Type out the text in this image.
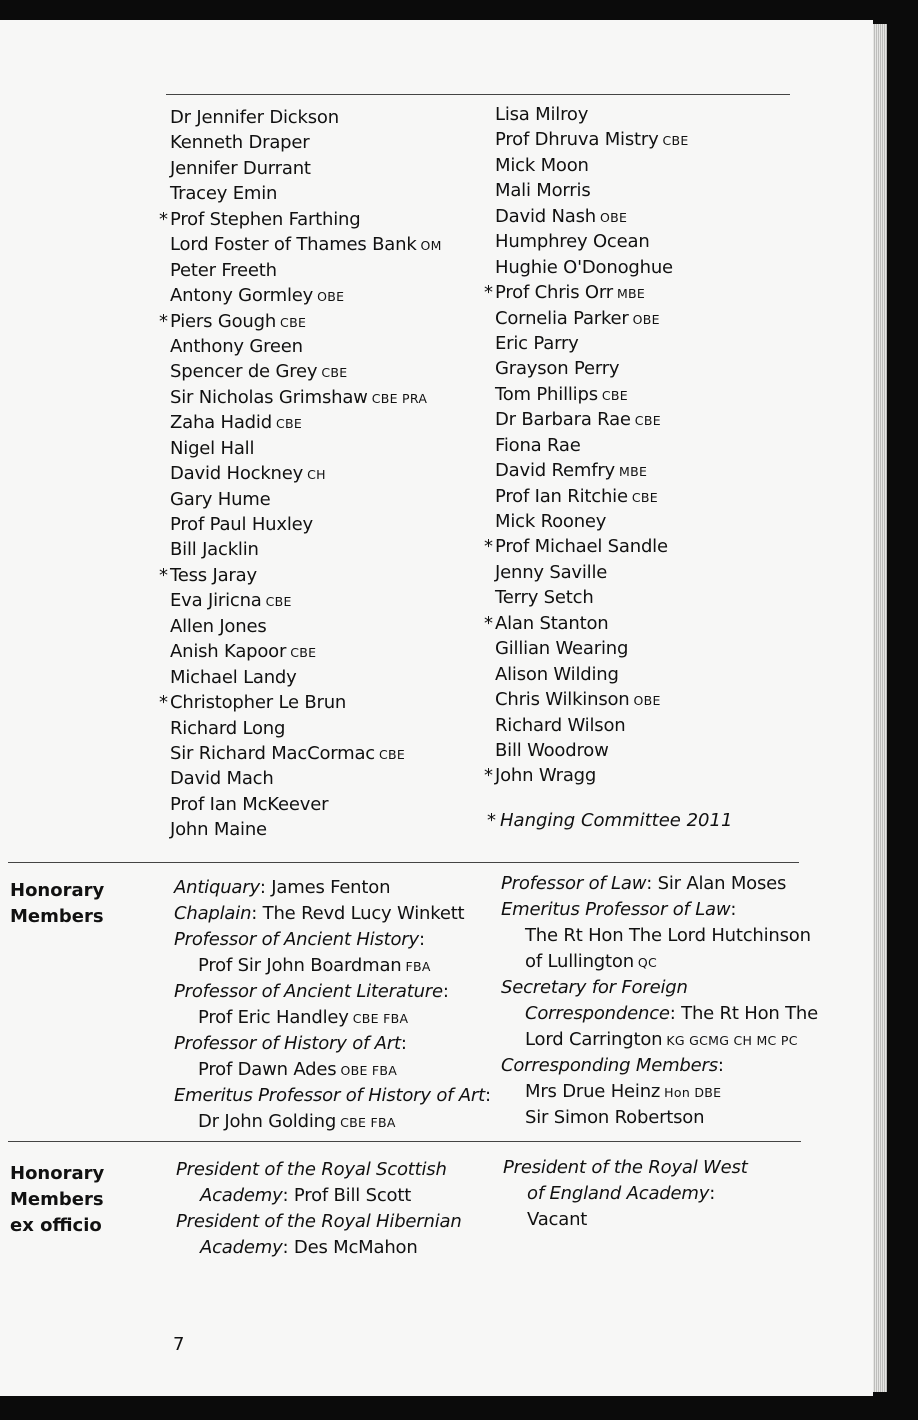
Dr Jennifer Dickson
Kenneth Draper
Jennifer Durrant
Tracey Emin
* Prof Stephen Farthing
Lord Foster of Thames Bank OM
Peter Freeth
Antony Gormley OBE
* Piers Gough CBE
Anthony Green
Spencer de Grey CBE
Sir Nicholas Grimshaw CBE PRA
Zaha Hadid CBE
Nigel Hall
David Hockney CH
Gary Hume
Prof Paul Huxley
Bill Jacklin
* Tess Jaray
Eva Jiricna CBE
Allen Jones
Anish Kapoor CBE
Michael Landy
* Christopher Le Brun
Richard Long
Sir Richard MacCormac CBE
David Mach
Prof Ian McKeever
John Maine
Lisa Milroy
Prof Dhruva Mistry CBE
Mick Moon
Mali Morris
David Nash OBE
Humphrey Ocean
Hughie O'Donoghue
* Prof Chris Orr MBE
Cornelia Parker OBE
Eric Parry
Grayson Perry
Tom Phillips CBE
Dr Barbara Rae CBE
Fiona Rae
David Remfry MBE
Prof Ian Ritchie CBE
Mick Rooney
* Prof Michael Sandle
Jenny Saville
Terry Setch
* Alan Stanton
Gillian Wearing
Alison Wilding
Chris Wilkinson OBE
Richard Wilson
Bill Woodrow
* John Wragg
* Hanging Committee 2011
Honorary
Members
Antiquary: James Fenton
Chaplain: The Revd Lucy Winkett
Professor of Ancient History:
Prof Sir John Boardman FBA
Professor of Ancient Literature:
Prof Eric Handley CBE FBA
Professor of History of Art:
Prof Dawn Ades OBE FBA
Emeritus Professor of History of Art:
Dr John Golding CBE FBA
Professor of Law: Sir Alan Moses
Emeritus Professor of Law:
The Rt Hon The Lord Hutchinson
of Lullington QC
Secretary for Foreign
Correspondence: The Rt Hon The
Lord Carrington KG GCMG CH MC PC
Corresponding Members:
Mrs Drue Heinz Hon DBE
Sir Simon Robertson
Honorary
Members
ex officio
President of the Royal Scottish
Academy: Prof Bill Scott
President of the Royal Hibernian
Academy: Des McMahon
President of the Royal West
of England Academy:
Vacant
7
